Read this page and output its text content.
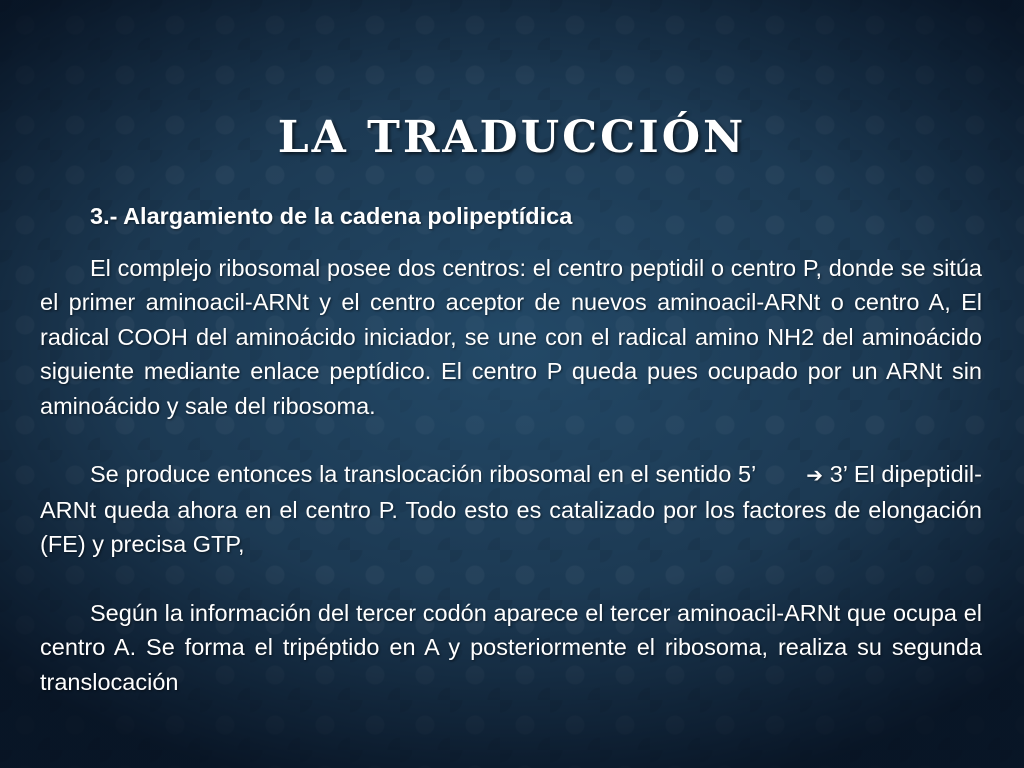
LA TRADUCCIÓN
3.- Alargamiento de la cadena polipeptídica

El complejo ribosomal posee dos centros: el centro peptidil o centro P, donde se sitúa el primer aminoacil-ARNt y el centro aceptor de nuevos aminoacil-ARNt o centro A, El radical COOH del aminoácido iniciador, se une con el radical amino NH2 del aminoácido siguiente mediante enlace peptídico. El centro P queda pues ocupado por un ARNt sin aminoácido y sale del ribosoma.

Se produce entonces la translocación ribosomal en el sentido 5’	➔ 3’ El dipeptidil-ARNt queda ahora en el centro P. Todo esto es catalizado por los factores de elongación (FE) y precisa GTP,

Según la información del tercer codón aparece el tercer aminoacil-ARNt que ocupa el centro A. Se forma el tripéptido en A y posteriormente el ribosoma, realiza su segunda translocación
